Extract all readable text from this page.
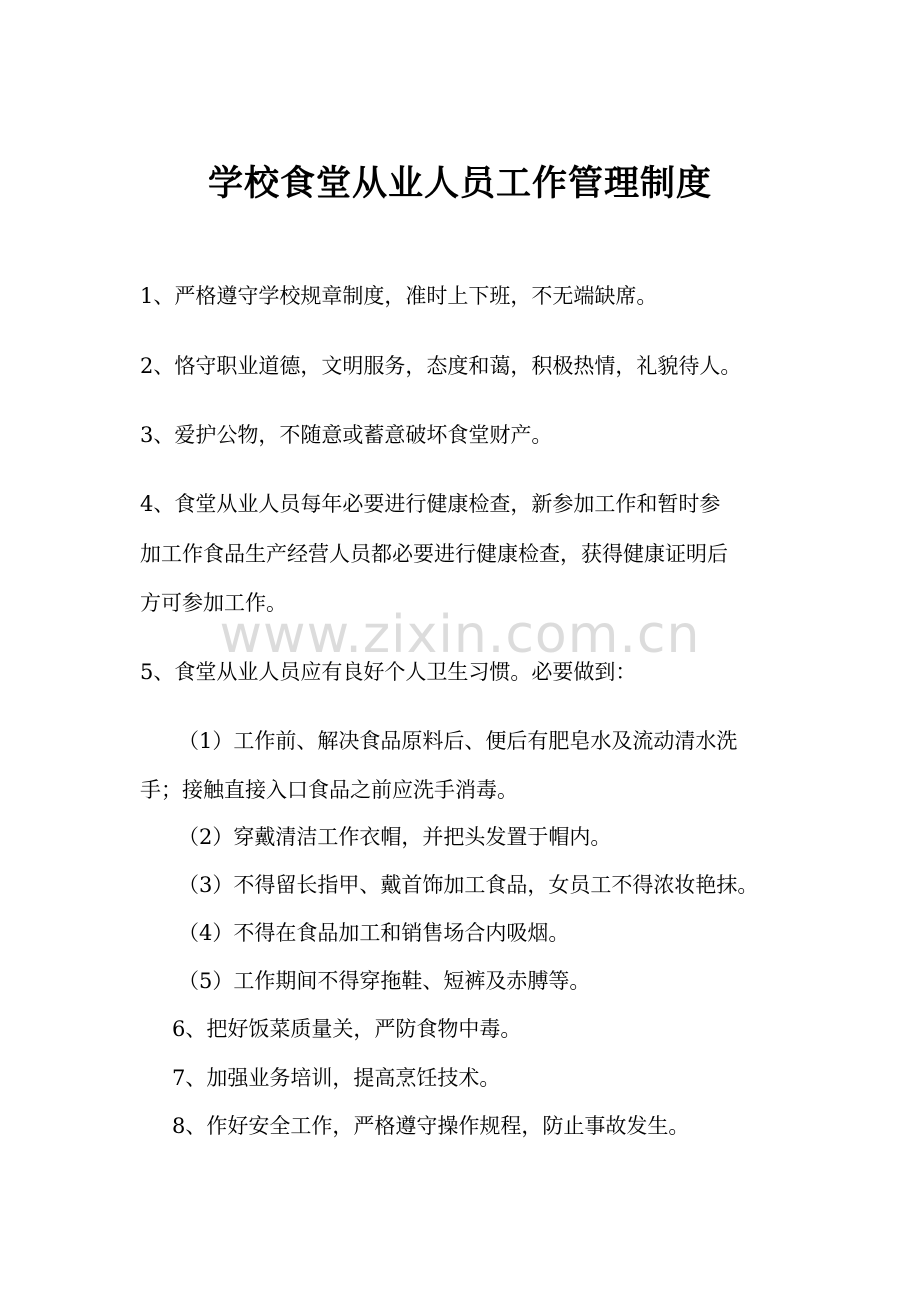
学校食堂从业人员工作管理制度
1、严格遵守学校规章制度，准时上下班，不无端缺席。
2、恪守职业道德，文明服务，态度和蔼，积极热情，礼貌待人。
3、爱护公物，不随意或蓄意破坏食堂财产。
4、食堂从业人员每年必要进行健康检查，新参加工作和暂时参
加工作食品生产经营人员都必要进行健康检查，获得健康证明后
方可参加工作。
5、食堂从业人员应有良好个人卫生习惯。必要做到：
（1）工作前、解决食品原料后、便后有肥皂水及流动清水洗
手；接触直接入口食品之前应洗手消毒。
（2）穿戴清洁工作衣帽，并把头发置于帽内。
（3）不得留长指甲、戴首饰加工食品，女员工不得浓妆艳抹。
（4）不得在食品加工和销售场合内吸烟。
（5）工作期间不得穿拖鞋、短裤及赤膊等。
6、把好饭菜质量关，严防食物中毒。
7、加强业务培训，提高烹饪技术。
8、作好安全工作，严格遵守操作规程，防止事故发生。
www.zixin.com.cn
